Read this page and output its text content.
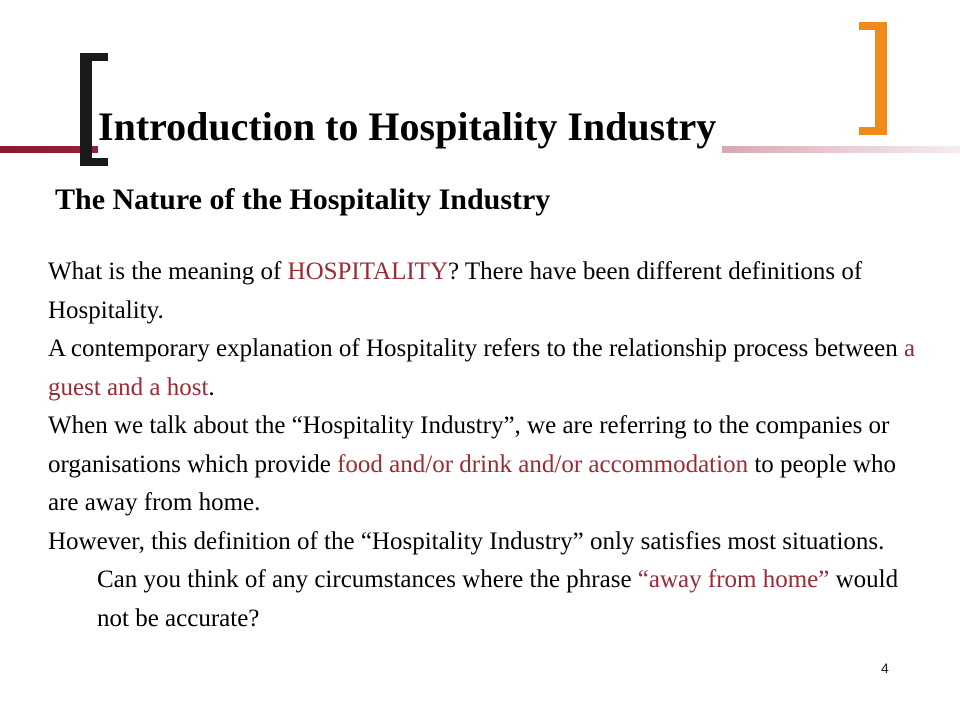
Introduction to Hospitality Industry
The Nature of the Hospitality Industry

What is the meaning of HOSPITALITY? There have been different definitions of Hospitality.

A contemporary explanation of Hospitality refers to the relationship process between a guest and a host.

When we talk about the “Hospitality Industry”, we are referring to the companies or organisations which provide food and/or drink and/or accommodation to people who are away from home.

However, this definition of the “Hospitality Industry” only satisfies most situations.

Can you think of any circumstances where the phrase “away from home” would not be accurate?

4
